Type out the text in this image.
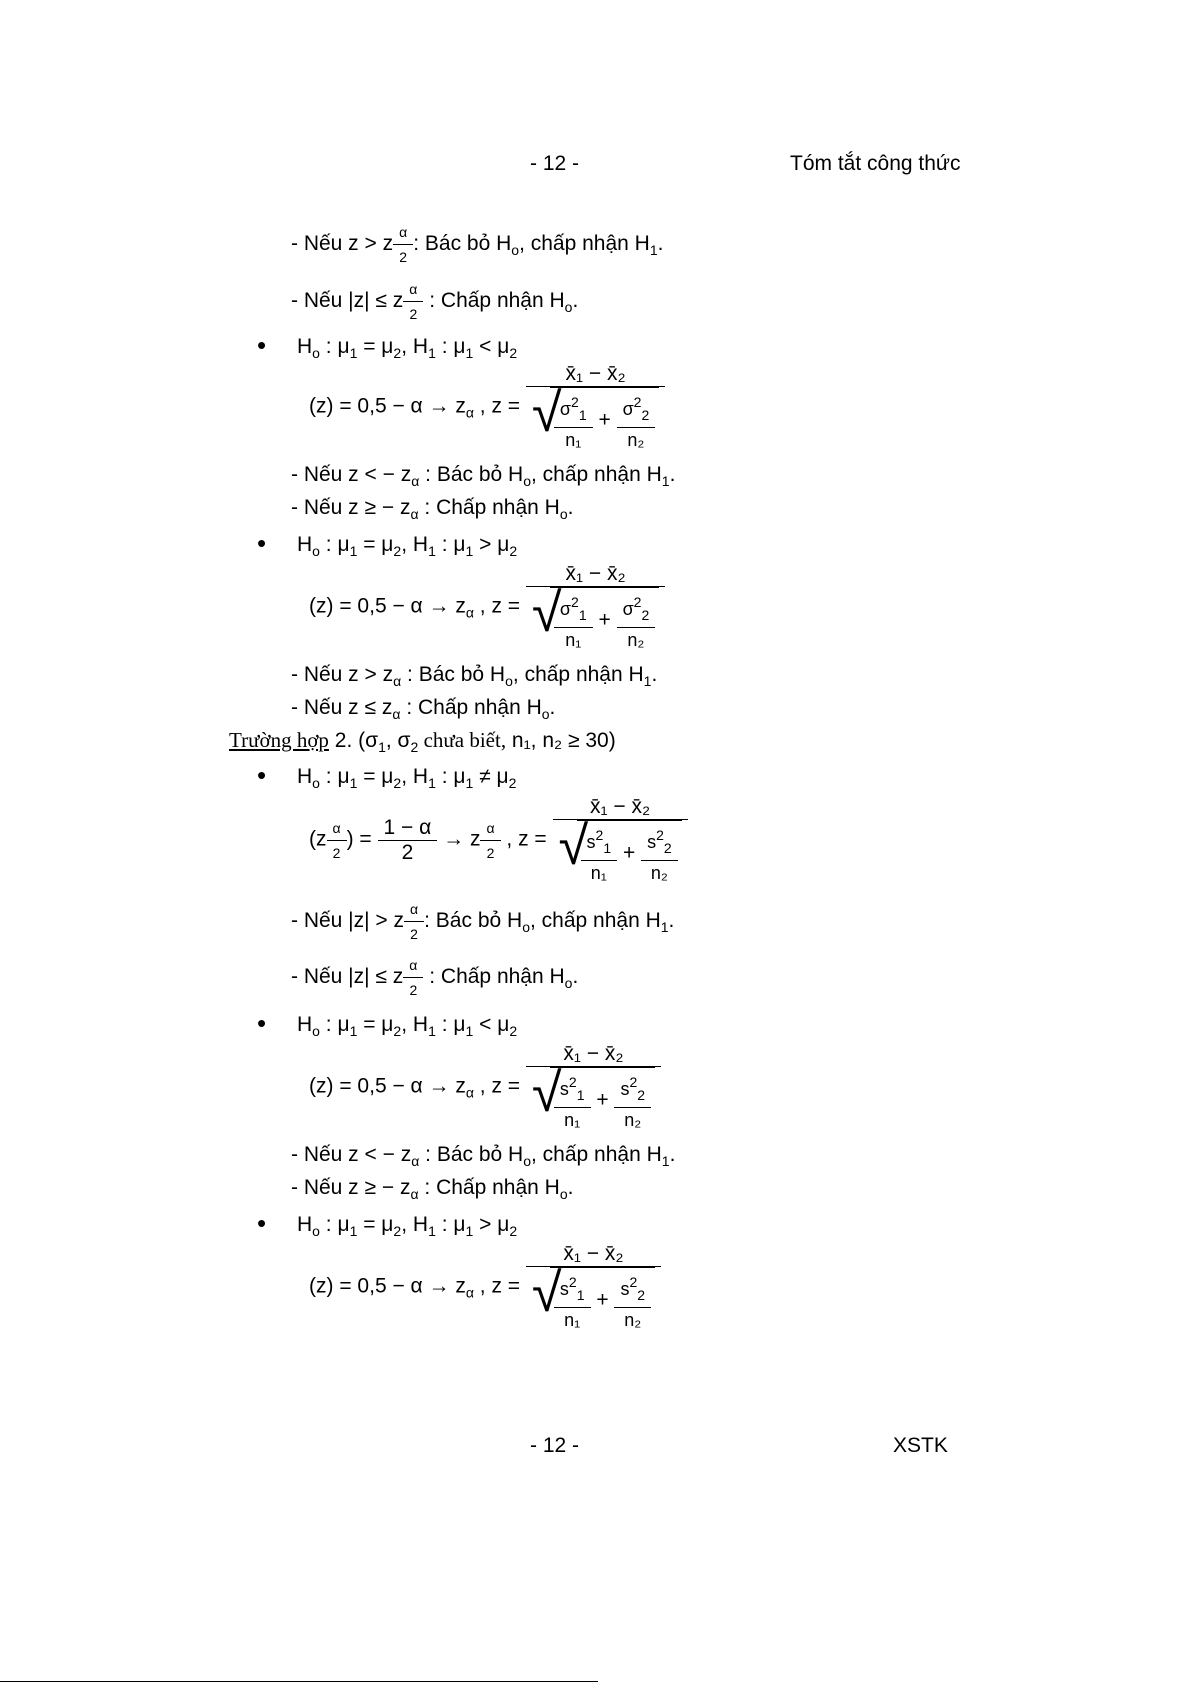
- 12 -	Tóm tắt công thức
- Nếu z > z $\frac{\alpha}{2}$ : Bác bỏ $H_o$, chấp nhận $H_1$.
- Nếu |z| ≤ z $\frac{\alpha}{2}$ : Chấp nhận $H_o$.
• $H_o$ : $\mu_1 = \mu_2$, $H_1$ : $\mu_1 < \mu_2$
$(z) = 0,5 - \alpha \to z_\alpha$ , z = x̄₁ − x̄₂
√
$\frac{\sigma^2_1}{\text{n₁}} + \frac{\sigma^2_2}{\text{n₂}}$
- Nếu z < − $z_\alpha$ : Bác bỏ $H_o$, chấp nhận $H_1$.
- Nếu z ≥ − $z_\alpha$ : Chấp nhận $H_o$.
• $H_o$ : $\mu_1 = \mu_2$, $H_1$ : $\mu_1 > \mu_2$
$(z) = 0,5 - \alpha \to z_\alpha$ , z = x̄₁ − x̄₂
√
$\frac{\sigma^2_1}{\text{n₁}} + \frac{\sigma^2_2}{\text{n₂}}$
- Nếu $z > z_\alpha$ : Bác bỏ $H_o$, chấp nhận $H_1$.
- Nếu $z \le z_\alpha$ : Chấp nhận $H_o$.
Trường hợp 2. ($\sigma_1$, $\sigma_2$ chưa biết, n₁, n₂ ≥ 30)
• $H_o$ : $\mu_1 = \mu_2$, $H_1$ : $\mu_1 \ne \mu_2$
($z \frac{\alpha}{2}$ ) = $\frac{1 - \alpha}{2} \to z \frac{\alpha}{2}$ , z = x̄₁ − x̄₂
√
$\frac{s^2_1}{\text{n₁}} + \frac{s^2_2}{\text{n₂}}$
- Nếu |z| > z $\frac{\alpha}{2}$ : Bác bỏ $H_o$, chấp nhận $H_1$.
- Nếu |z| ≤ z $\frac{\alpha}{2}$ : Chấp nhận $H_o$.
• $H_o$ : $\mu_1 = \mu_2$, $H_1$ : $\mu_1 < \mu_2$
$(z) = 0,5 - \alpha \to z_\alpha$ , z = x̄₁ − x̄₂
√
$\frac{s^2_1}{\text{n₁}} + \frac{s^2_2}{\text{n₂}}$
- Nếu z < − $z_\alpha$ : Bác bỏ $H_o$, chấp nhận $H_1$.
- Nếu z ≥ − $z_\alpha$ : Chấp nhận $H_o$.
• $H_o$ : $\mu_1 = \mu_2$, $H_1$ : $\mu_1 > \mu_2$
$(z) = 0,5 - \alpha \to z_\alpha$ , z = x̄₁ − x̄₂
√
$\frac{s^2_1}{\text{n₁}} + \frac{s^2_2}{\text{n₂}}$
- 12 -	XSTK
